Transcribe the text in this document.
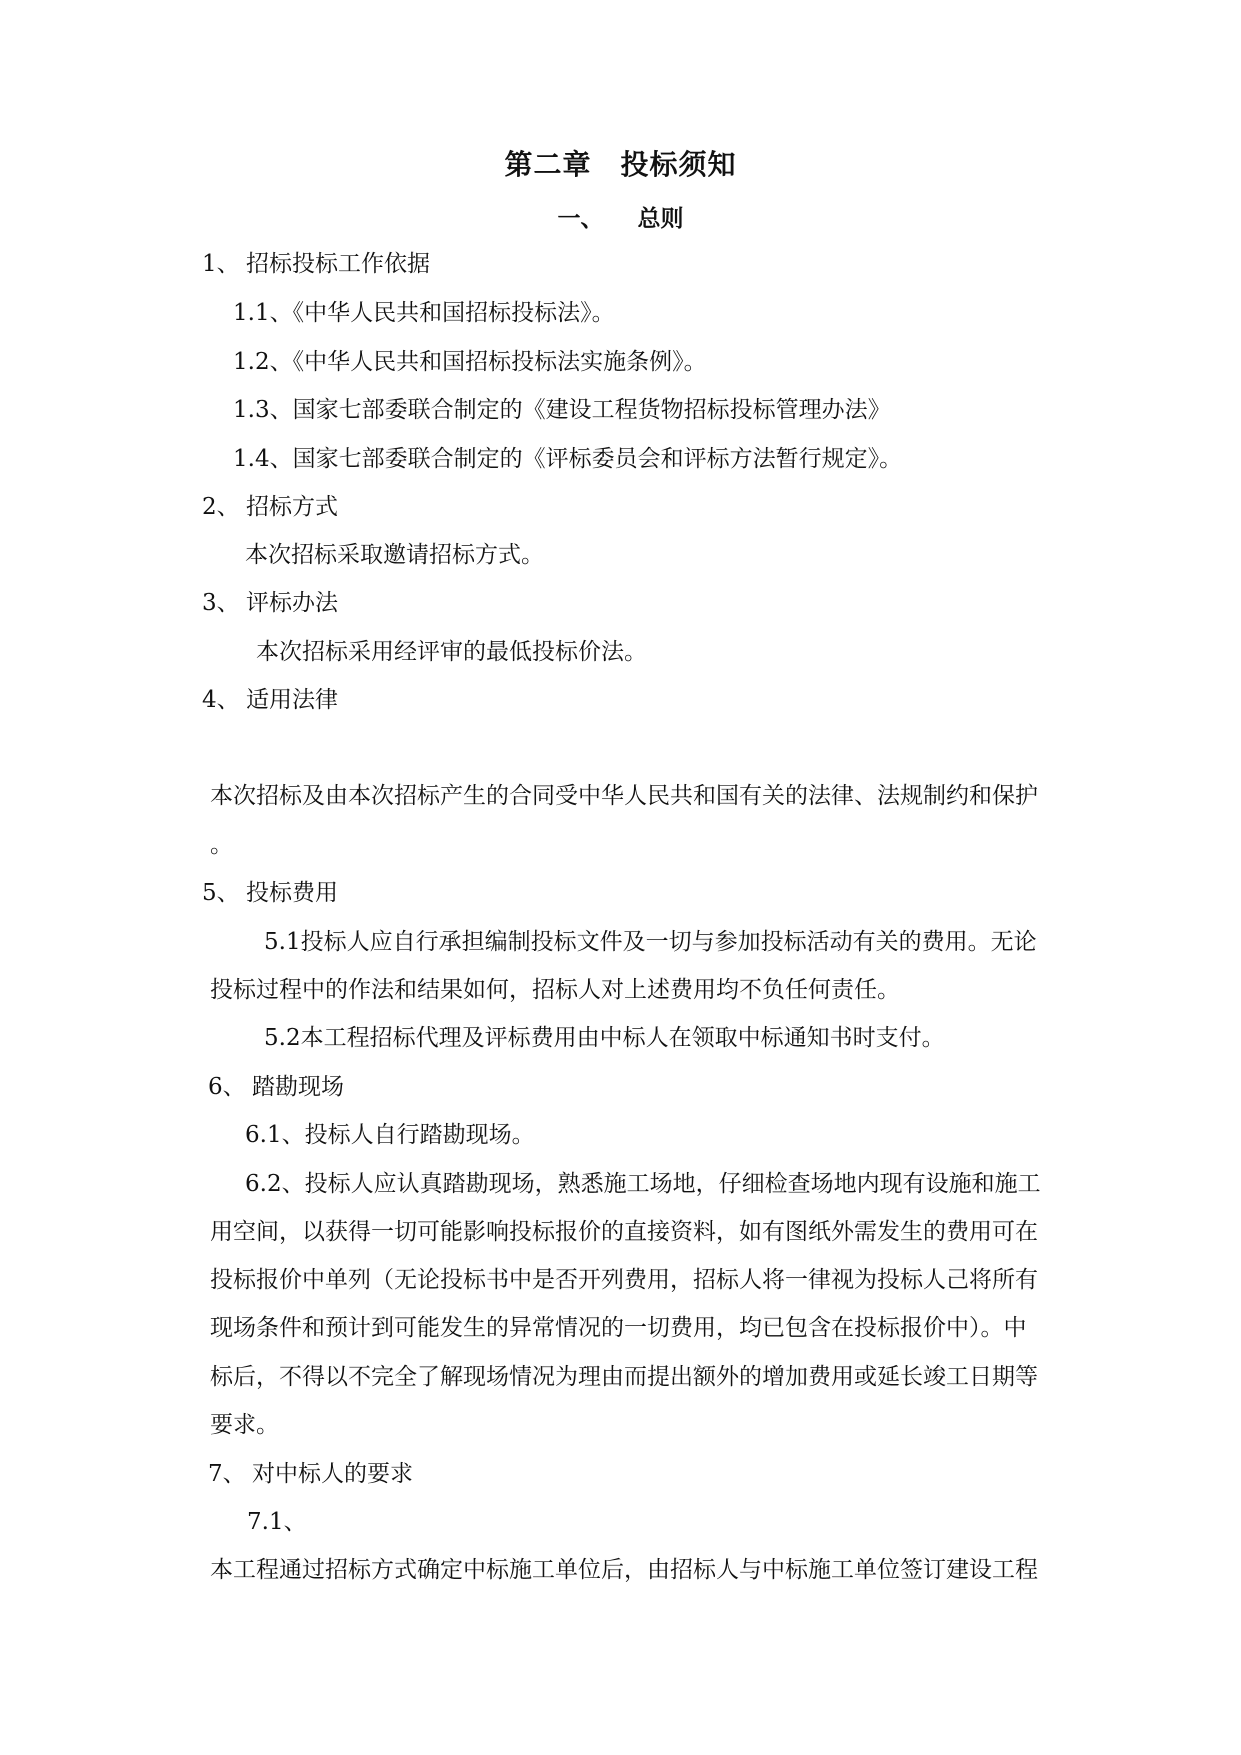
第二章　投标须知
一、 总则
1、 招标投标工作依据
1.1、《中华人民共和国招标投标法》。
1.2、《中华人民共和国招标投标法实施条例》。
1.3、国家七部委联合制定的《建设工程货物招标投标管理办法》
1.4、国家七部委联合制定的《评标委员会和评标方法暂行规定》。
2、 招标方式
本次招标采取邀请招标方式。
3、 评标办法
本次招标采用经评审的最低投标价法。
4、 适用法律
本次招标及由本次招标产生的合同受中华人民共和国有关的法律、法规制约和保护
。
5、 投标费用
5.1投标人应自行承担编制投标文件及一切与参加投标活动有关的费用。无论
投标过程中的作法和结果如何，招标人对上述费用均不负任何责任。
5.2本工程招标代理及评标费用由中标人在领取中标通知书时支付。
6、 踏勘现场
6.1、投标人自行踏勘现场。
6.2、投标人应认真踏勘现场，熟悉施工场地，仔细检查场地内现有设施和施工
用空间，以获得一切可能影响投标报价的直接资料，如有图纸外需发生的费用可在
投标报价中单列（无论投标书中是否开列费用，招标人将一律视为投标人己将所有
现场条件和预计到可能发生的异常情况的一切费用，均已包含在投标报价中）。中
标后，不得以不完全了解现场情况为理由而提出额外的增加费用或延长竣工日期等
要求。
7、 对中标人的要求
7.1、
本工程通过招标方式确定中标施工单位后，由招标人与中标施工单位签订建设工程
